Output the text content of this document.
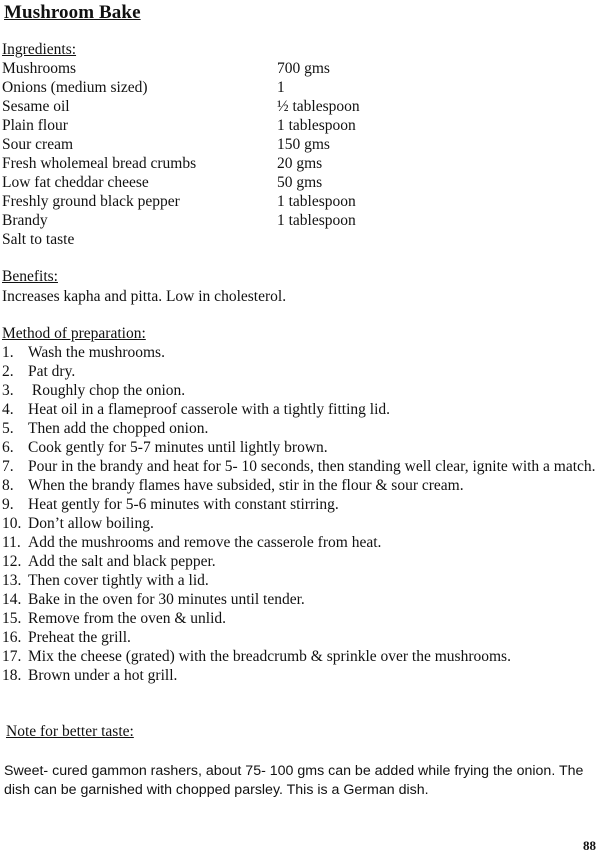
Mushroom Bake
Ingredients:
Mushrooms	700 gms
Onions (medium sized)	1
Sesame oil	½ tablespoon
Plain flour	1 tablespoon
Sour cream	150 gms
Fresh wholemeal bread crumbs	20 gms
Low fat cheddar cheese	50 gms
Freshly ground black pepper	1 tablespoon
Brandy	1 tablespoon
Salt to taste
Benefits:
Increases kapha and pitta. Low in cholesterol.
Method of preparation:
1. Wash the mushrooms.
2. Pat dry.
3. Roughly chop the onion.
4. Heat oil in a flameproof casserole with a tightly fitting lid.
5. Then add the chopped onion.
6. Cook gently for 5-7 minutes until lightly brown.
7. Pour in the brandy and heat for 5- 10 seconds, then standing well clear, ignite with a match.
8. When the brandy flames have subsided, stir in the flour & sour cream.
9. Heat gently for 5-6 minutes with constant stirring.
10. Don’t allow boiling.
11. Add the mushrooms and remove the casserole from heat.
12. Add the salt and black pepper.
13. Then cover tightly with a lid.
14. Bake in the oven for 30 minutes until tender.
15. Remove from the oven & unlid.
16. Preheat the grill.
17. Mix the cheese (grated) with the breadcrumb & sprinkle over the mushrooms.
18. Brown under a hot grill.
Note for better taste:
Sweet- cured gammon rashers, about 75- 100 gms can be added while frying the onion. The dish can be garnished with chopped parsley. This is a German dish.
88
